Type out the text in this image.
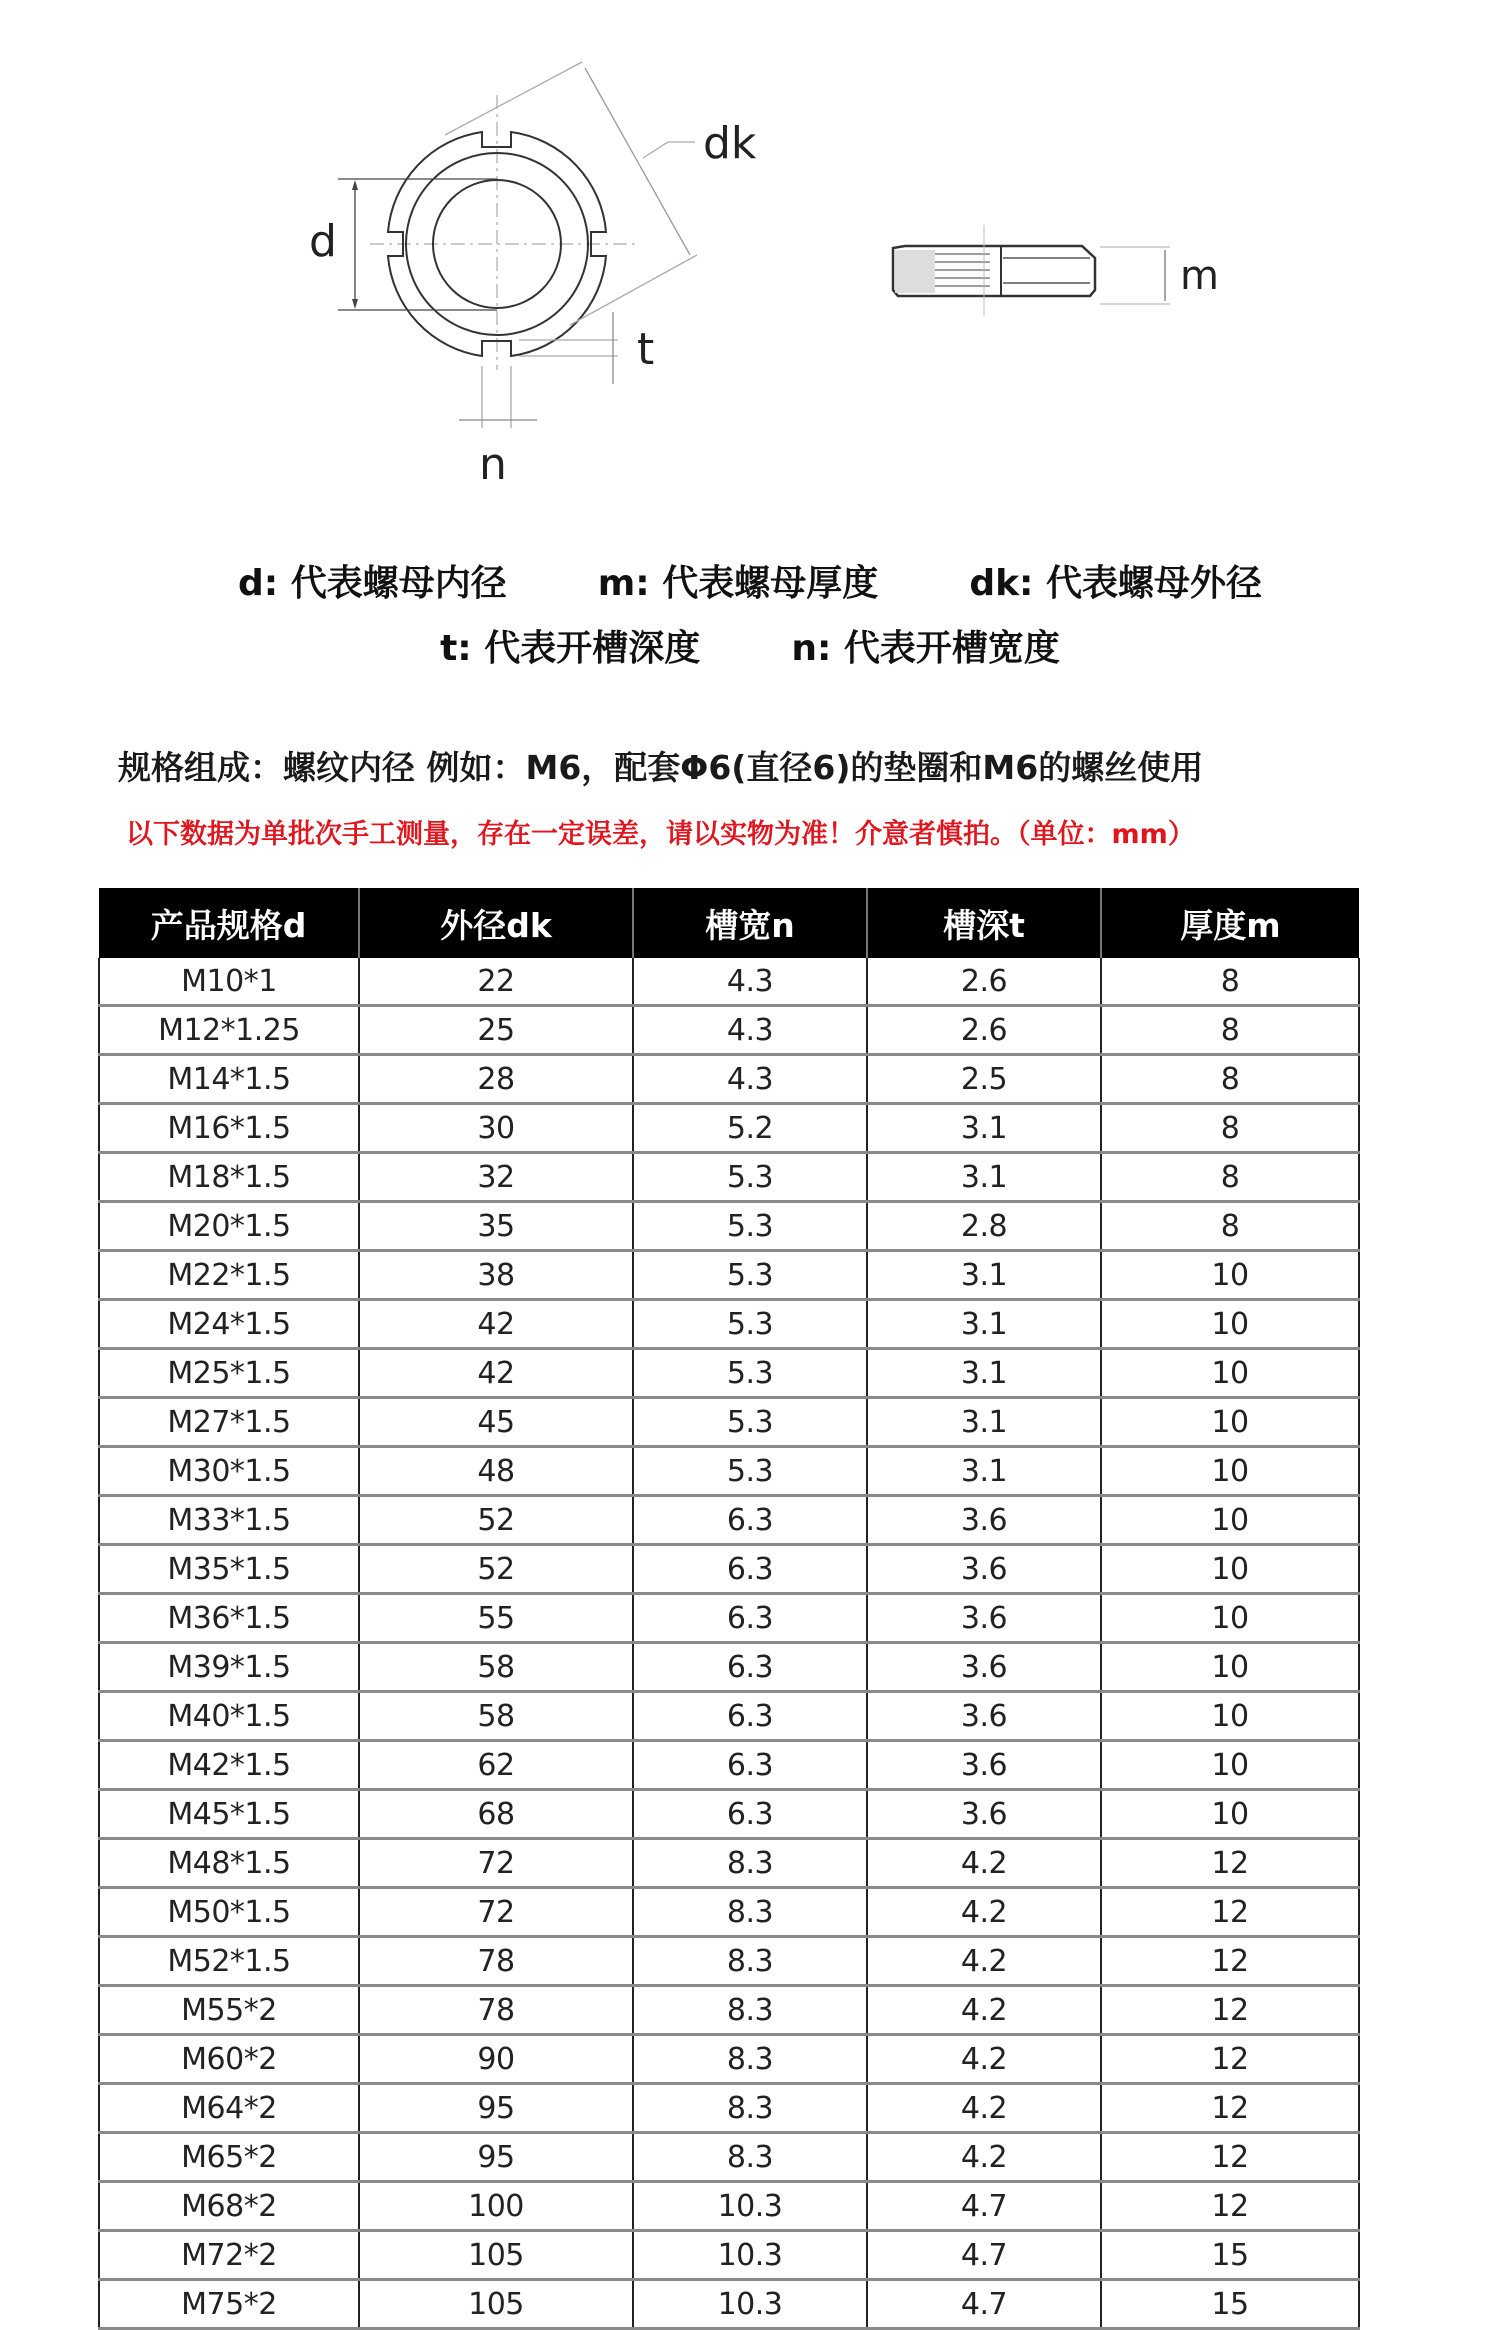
dk
d
t
n
m
d: 代表螺母内径	m: 代表螺母厚度	dk: 代表螺母外径
t: 代表开槽深度	n: 代表开槽宽度
规格组成：螺纹内径 例如：M6，配套Φ6(直径6)的垫圈和M6的螺丝使用
以下数据为单批次手工测量，存在一定误差，请以实物为准！介意者慎拍。（单位：mm）
产品规格d	外径dk	槽宽n	槽深t	厚度m
M10*1	22	4.3	2.6	8
M12*1.25	25	4.3	2.6	8
M14*1.5	28	4.3	2.5	8
M16*1.5	30	5.2	3.1	8
M18*1.5	32	5.3	3.1	8
M20*1.5	35	5.3	2.8	8
M22*1.5	38	5.3	3.1	10
M24*1.5	42	5.3	3.1	10
M25*1.5	42	5.3	3.1	10
M27*1.5	45	5.3	3.1	10
M30*1.5	48	5.3	3.1	10
M33*1.5	52	6.3	3.6	10
M35*1.5	52	6.3	3.6	10
M36*1.5	55	6.3	3.6	10
M39*1.5	58	6.3	3.6	10
M40*1.5	58	6.3	3.6	10
M42*1.5	62	6.3	3.6	10
M45*1.5	68	6.3	3.6	10
M48*1.5	72	8.3	4.2	12
M50*1.5	72	8.3	4.2	12
M52*1.5	78	8.3	4.2	12
M55*2	78	8.3	4.2	12
M60*2	90	8.3	4.2	12
M64*2	95	8.3	4.2	12
M65*2	95	8.3	4.2	12
M68*2	100	10.3	4.7	12
M72*2	105	10.3	4.7	15
M75*2	105	10.3	4.7	15
